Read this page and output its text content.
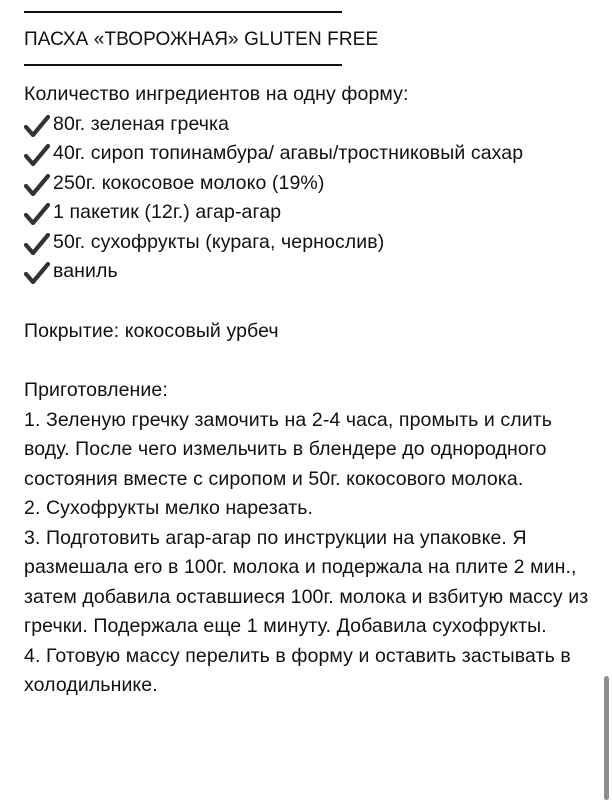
ПАСХА «ТВОРОЖНАЯ» GLUTEN FREE
Количество ингредиентов на одну форму:
80г. зеленая гречка
40г. сироп топинамбура/ агавы/тростниковый сахар
250г. кокосовое молоко (19%)
1 пакетик (12г.) агар-агар
50г. сухофрукты (курага, чернослив)
ваниль
Покрытие: кокосовый урбеч
Приготовление:
1. Зеленую гречку замочить на 2-4 часа, промыть и слить воду. После чего измельчить в блендере до однородного состояния вместе с сиропом и 50г. кокосового молока.
2. Сухофрукты мелко нарезать.
3. Подготовить агар-агар по инструкции на упаковке. Я размешала его в 100г. молока и подержала на плите 2 мин., затем добавила оставшиеся 100г. молока и взбитую массу из гречки. Подержала еще 1 минуту. Добавила сухофрукты.
4. Готовую массу перелить в форму и оставить застывать в холодильнике.
